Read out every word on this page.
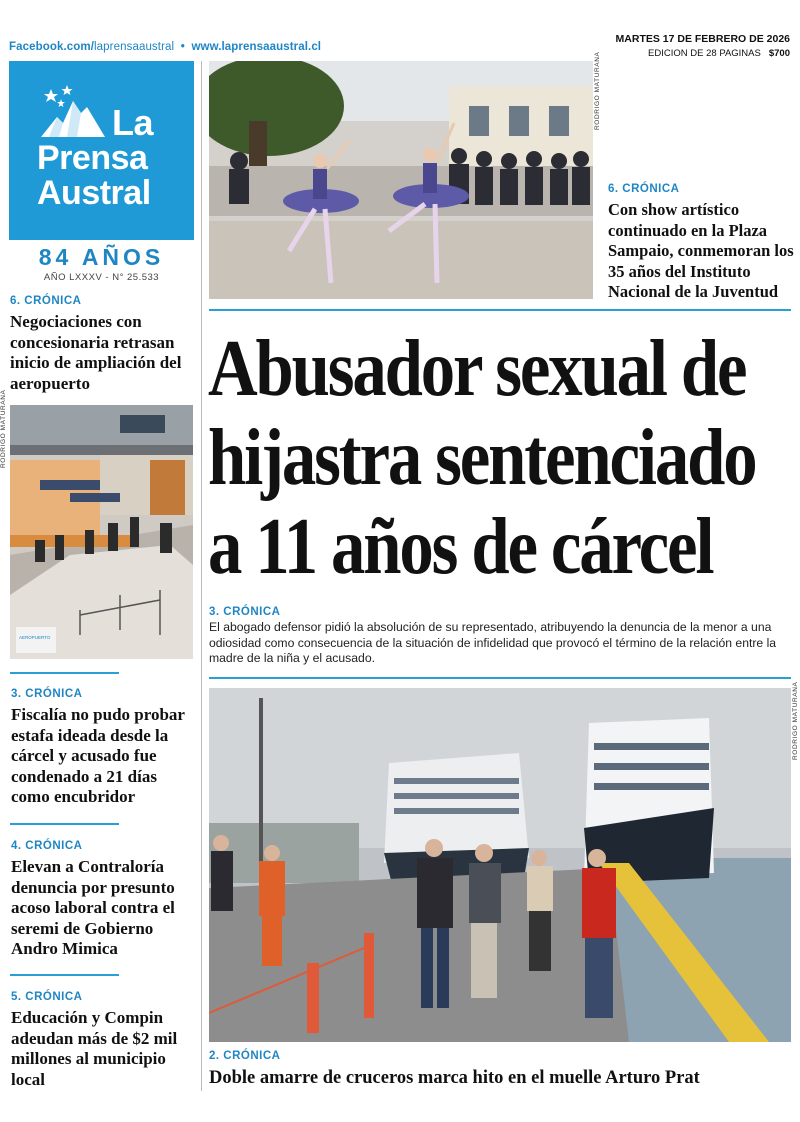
Facebook.com/laprensaaustral • www.laprensaaustral.cl
MARTES 17 DE FEBRERO DE 2026
EDICION DE 28 PAGINAS $700
La
Prensa
Austral
84 AÑOS
AÑO LXXXV - N° 25.533
6. CRÓNICA
Negociaciones con concesionaria retrasan inicio de ampliación del aeropuerto
AEROPUERTO
RODRIGO MATURANA
3. CRÓNICA
Fiscalía no pudo probar estafa ideada desde la cárcel y acusado fue condenado a 21 días como encubridor
4. CRÓNICA
Elevan a Contraloría denuncia por presunto acoso laboral contra el seremi de Gobierno Andro Mimica
5. CRÓNICA
Educación y Compin adeudan más de $2 mil millones al municipio local
RODRIGO MATURANA
6. CRÓNICA
Con show artístico continuado en la Plaza Sampaio, conmemoran los 35 años del Instituto Nacional de la Juventud
Abusador sexual de
hijastra sentenciado
a 11 años de cárcel
3. CRÓNICA
El abogado defensor pidió la absolución de su representado, atribuyendo la denuncia de la menor a una odiosidad como consecuencia de la situación de infidelidad que provocó el término de la relación entre la madre de la niña y el acusado.
RODRIGO MATURANA
2. CRÓNICA
Doble amarre de cruceros marca hito en el muelle Arturo Prat
